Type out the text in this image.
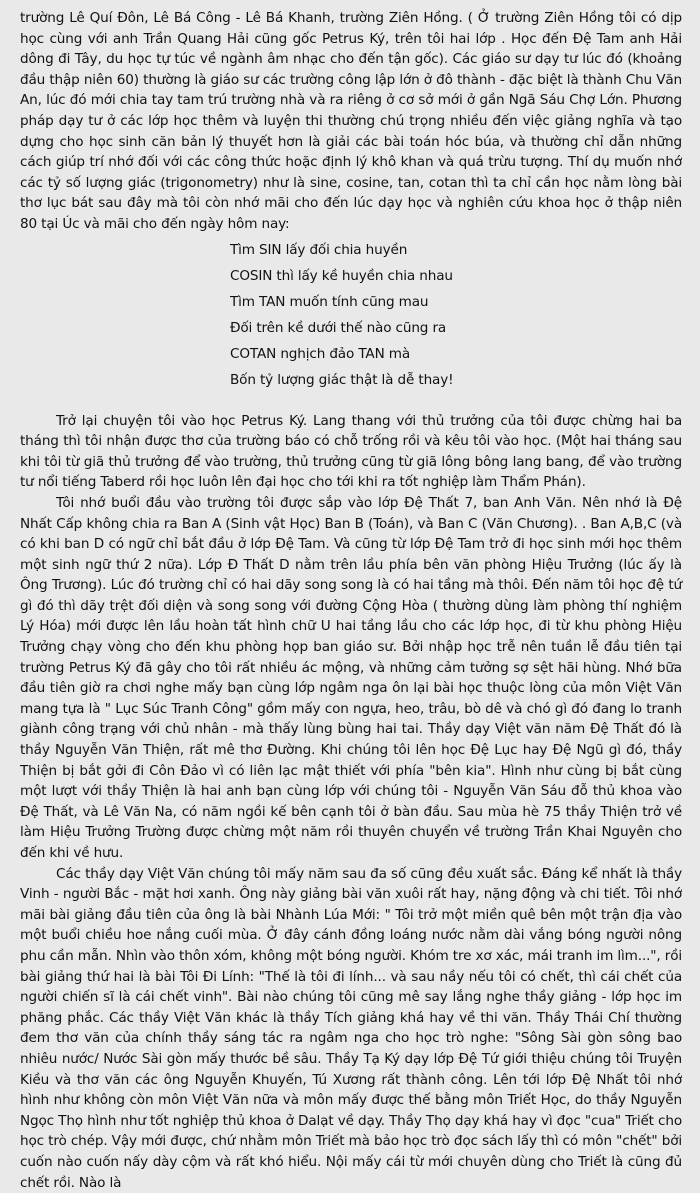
trường Lê Quí Đôn, Lê Bá Công - Lê Bá Khanh, trường Ziên Hồng. ( Ở trường Ziên Hồng tôi có dịp học cùng với anh Trần Quang Hải cũng gốc Petrus Ký, trên tôi hai lớp . Học đến Đệ Tam anh Hải dông đi Tây, du học tự túc về ngành âm nhạc cho đến tận gốc). Các giáo sư dạy tư lúc đó (khoảng đầu thập niên 60) thường là giáo sư các trường công lập lớn ở đô thành - đặc biệt là thành Chu Văn An, lúc đó mới chia tay tam trú trường nhà và ra riêng ở cơ sở mới ở gần Ngã Sáu Chợ Lớn. Phương pháp dạy tư ở các lớp học thêm và luyện thi thường chú trọng nhiều đến việc giảng nghĩa và tạo dựng cho học sinh căn bản lý thuyết hơn là giải các bài toán hóc búa, và thường chỉ dẫn những cách giúp trí nhớ đối với các công thức hoặc định lý khô khan và quá trừu tượng. Thí dụ muốn nhớ các tỷ số lượng giác (trigonometry) như là sine, cosine, tan, cotan thì ta chỉ cần học nằm lòng bài thơ lục bát sau đây mà tôi còn nhớ mãi cho đến lúc dạy học và nghiên cứu khoa học ở thập niên 80 tại Úc và mãi cho đến ngày hôm nay:

Tìm SIN lấy đối chia huyền
COSIN thì lấy kề huyền chia nhau
Tìm TAN muốn tính cũng mau
Đối trên kề dưới thế nào cũng ra
COTAN nghịch đảo TAN mà
Bốn tỷ lượng giác thật là dễ thay!

Trở lại chuyện tôi vào học Petrus Ký. Lang thang với thủ trưởng của tôi được chừng hai ba tháng thì tôi nhận được thơ của trường báo có chỗ trống rồi và kêu tôi vào học. (Một hai tháng sau khi tôi từ giã thủ trưởng để vào trường, thủ trưởng cũng từ giã lông bông lang bang, để vào trường tư nổi tiếng Taberd rồi học luôn lên đại học cho tới khi ra tốt nghiệp làm Thẩm Phán).

Tôi nhớ buổi đầu vào trường tôi được sắp vào lớp Đệ Thất 7, ban Anh Văn. Nên nhớ là Đệ Nhất Cấp không chia ra Ban A (Sinh vật Học) Ban B (Toán), và Ban C (Văn Chương). . Ban A,B,C (và có khi ban D có ngữ chỉ bắt đầu ở lớp Đệ Tam. Và cũng từ lớp Đệ Tam trở đi học sinh mới học thêm một sinh ngữ thứ 2 nữa). Lớp Đ Thất D nằm trên lầu phía bên văn phòng Hiệu Trưởng (lúc ấy là Ông Trương). Lúc đó trường chỉ có hai dãy song song là có hai tầng mà thôi. Đến năm tôi học đệ tứ gì đó thì dãy trệt đối diện và song song với đường Cộng Hòa ( thường dùng làm phòng thí nghiệm Lý Hóa) mới được lên lầu hoàn tất hình chữ U hai tầng lầu cho các lớp học, đi từ khu phòng Hiệu Trưởng chạy vòng cho đến khu phòng họp ban giáo sư. Bởi nhập học trễ nên tuần lễ đầu tiên tại trường Petrus Ký đã gây cho tôi rất nhiều ác mộng, và những cảm tưởng sợ sệt hãi hùng. Nhớ bữa đầu tiên giờ ra chơi nghe mấy bạn cùng lớp ngâm nga ôn lại bài học thuộc lòng của môn Việt Văn mang tựa là " Lục Súc Tranh Công" gồm mấy con ngựa, heo, trâu, bò dê và chó gì đó đang lo tranh giành công trạng với chủ nhân - mà thấy lùng bùng hai tai. Thầy dạy Việt văn năm Đệ Thất đó là thầy Nguyễn Văn Thiện, rất mê thơ Đường. Khi chúng tôi lên học Đệ Lục hay Đệ Ngũ gì đó, thầy Thiện bị bắt gởi đi Côn Đảo vì có liên lạc mật thiết với phía "bên kia". Hình như cùng bị bắt cùng một lượt với thầy Thiện là hai anh bạn cùng lớp với chúng tôi - Nguyễn Văn Sáu đỗ thủ khoa vào Đệ Thất, và Lê Văn Na, có năm ngồi kế bên cạnh tôi ở bàn đầu. Sau mùa hè 75 thầy Thiện trở về làm Hiệu Trưởng Trường được chừng một năm rồi thuyên chuyển về trường Trần Khai Nguyên cho đến khi về hưu.

Các thầy dạy Việt Văn chúng tôi mấy năm sau đa số cũng đều xuất sắc. Đáng kể nhất là thầy Vinh - người Bắc - mặt hơi xanh. Ông này giảng bài văn xuôi rất hay, nặng động và chi tiết. Tôi nhớ mãi bài giảng đầu tiên của ông là bài Nhành Lúa Mới: " Tôi trở một miền quê bên một trận địa vào một buổi chiều hoe nắng cuối mùa. Ở đây cánh đồng loáng nước nằm dài vắng bóng người nông phu cần mẫn. Nhìn vào thôn xóm, không một bóng người. Khóm tre xơ xác, mái tranh im lìm...", rồi bài giảng thứ hai là bài Tôi Đi Lính: "Thế là tôi đi lính... và sau nầy nếu tôi có chết, thì cái chết của người chiến sĩ là cái chết vinh". Bài nào chúng tôi cũng mê say lắng nghe thầy giảng - lớp học im phăng phắc. Các thầy Việt Văn khác là thầy Tích giảng khá hay về thi văn. Thầy Thái Chí thường đem thơ văn của chính thầy sáng tác ra ngâm nga cho học trò nghe: "Sông Sài gòn sông bao nhiêu nước/ Nước Sài gòn mấy thước bề sâu. Thầy Tạ Ký dạy lớp Đệ Tứ giới thiệu chúng tôi Truyện Kiều và thơ văn các ông Nguyễn Khuyến, Tú Xương rất thành công. Lên tới lớp Đệ Nhất tôi nhớ hình như không còn môn Việt Văn nữa và môn mấy được thế bằng môn Triết Học, do thầy Nguyễn Ngọc Thọ hình như tốt nghiệp thủ khoa ở Dalạt về dạy. Thầy Thọ dạy khá hay vì đọc "cua" Triết cho học trò chép. Vậy mới được, chứ nhằm môn Triết mà bảo học trò đọc sách lấy thì có môn "chết" bởi cuốn nào cuốn nấy dày cộm và rất khó hiểu. Nội mấy cái từ mới chuyên dùng cho Triết là cũng đủ chết rồi. Nào là
